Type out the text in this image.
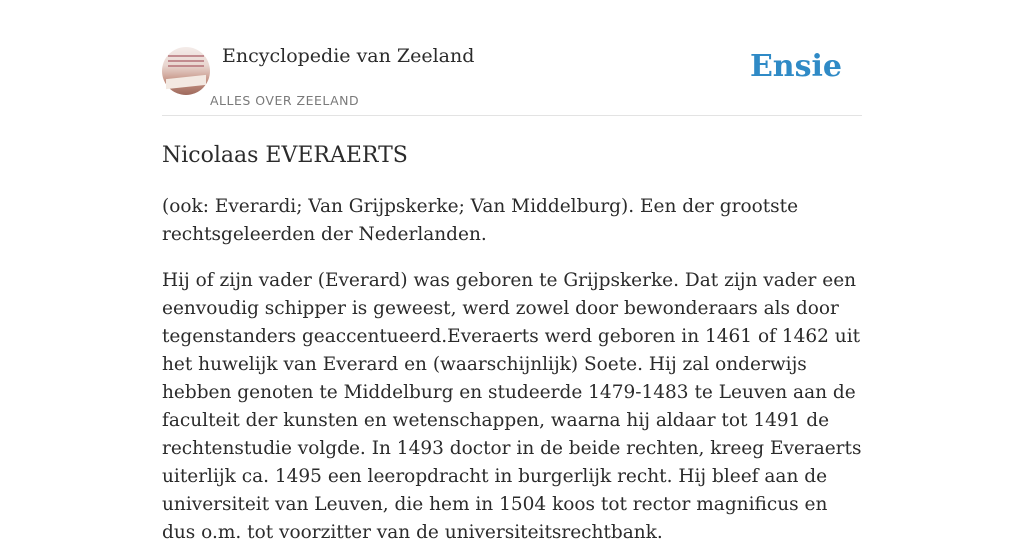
Encyclopedie van Zeeland
ALLES OVER ZEELAND
Ensie
Nicolaas EVERAERTS

(ook: Everardi; Van Grijpskerke; Van Middelburg). Een der grootste rechtsgeleerden der Nederlanden.

Hij of zijn vader (Everard) was geboren te Grijpskerke. Dat zijn vader een eenvoudig schipper is geweest, werd zowel door bewonderaars als door tegenstanders geaccentueerd.Everaerts werd geboren in 1461 of 1462 uit het huwelijk van Everard en (waarschijnlijk) Soete. Hij zal onderwijs hebben genoten te Middelburg en studeerde 1479-1483 te Leuven aan de faculteit der kunsten en wetenschappen, waarna hij aldaar tot 1491 de rechtenstudie volgde. In 1493 doctor in de beide rechten, kreeg Everaerts uiterlijk ca. 1495 een leeropdracht in burgerlijk recht. Hij bleef aan de universiteit van Leuven, die hem in 1504 koos tot rector magnificus en dus o.m. tot voorzitter van de universiteitsrechtbank.
